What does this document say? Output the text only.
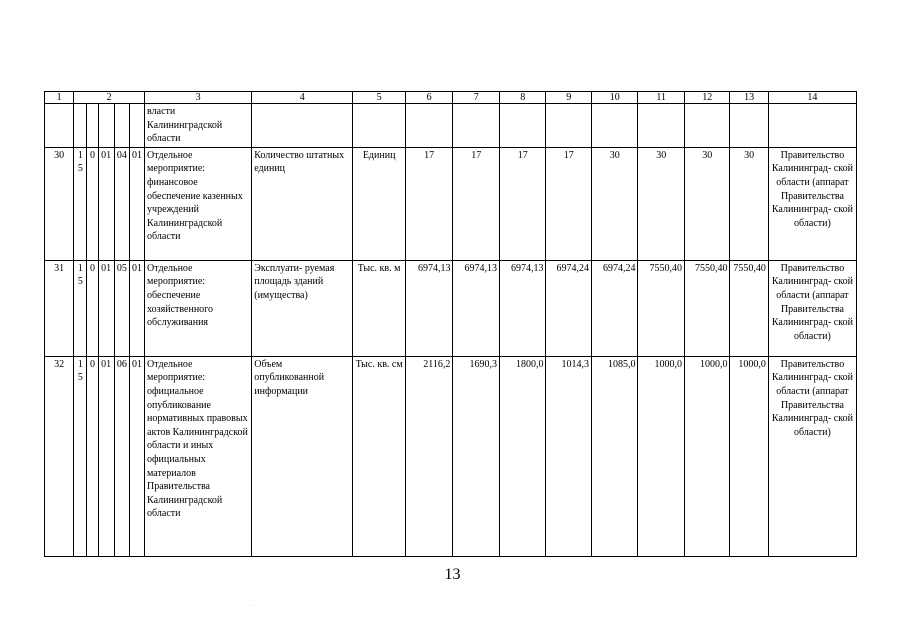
1	2					3	4	5	6	7	8	9	10	11	12	13	14
						власти Калининградской области											
30	15	0	01	04	01	Отдельное мероприятие: финансовое обеспечение казенных учреждений Калининградской области	Количество штатных единиц	Единиц	17	17	17	17	30	30	30	30	Правительство Калининград- ской области (аппарат Правительства Калининград- ской области)
31	15	0	01	05	01	Отдельное мероприятие: обеспечение хозяйственного обслуживания	Эксплуати- руемая площадь зданий (имущества)	Тыс. кв. м	6974,13	6974,13	6974,13	6974,24	6974,24	7550,40	7550,40	7550,40	Правительство Калининград- ской области (аппарат Правительства Калининград- ской области)
32	15	0	01	06	01	Отдельное мероприятие: официальное опубликование нормативных правовых актов Калининградской области и иных официальных материалов Правительства Калининградской области	Объем опубликованной информации	Тыс. кв. см	2116,2	1690,3	1800,0	1014,3	1085,0	1000,0	1000,0	1000,0	Правительство Калининград- ской области (аппарат Правительства Калининград- ской области)
13
· · ·
